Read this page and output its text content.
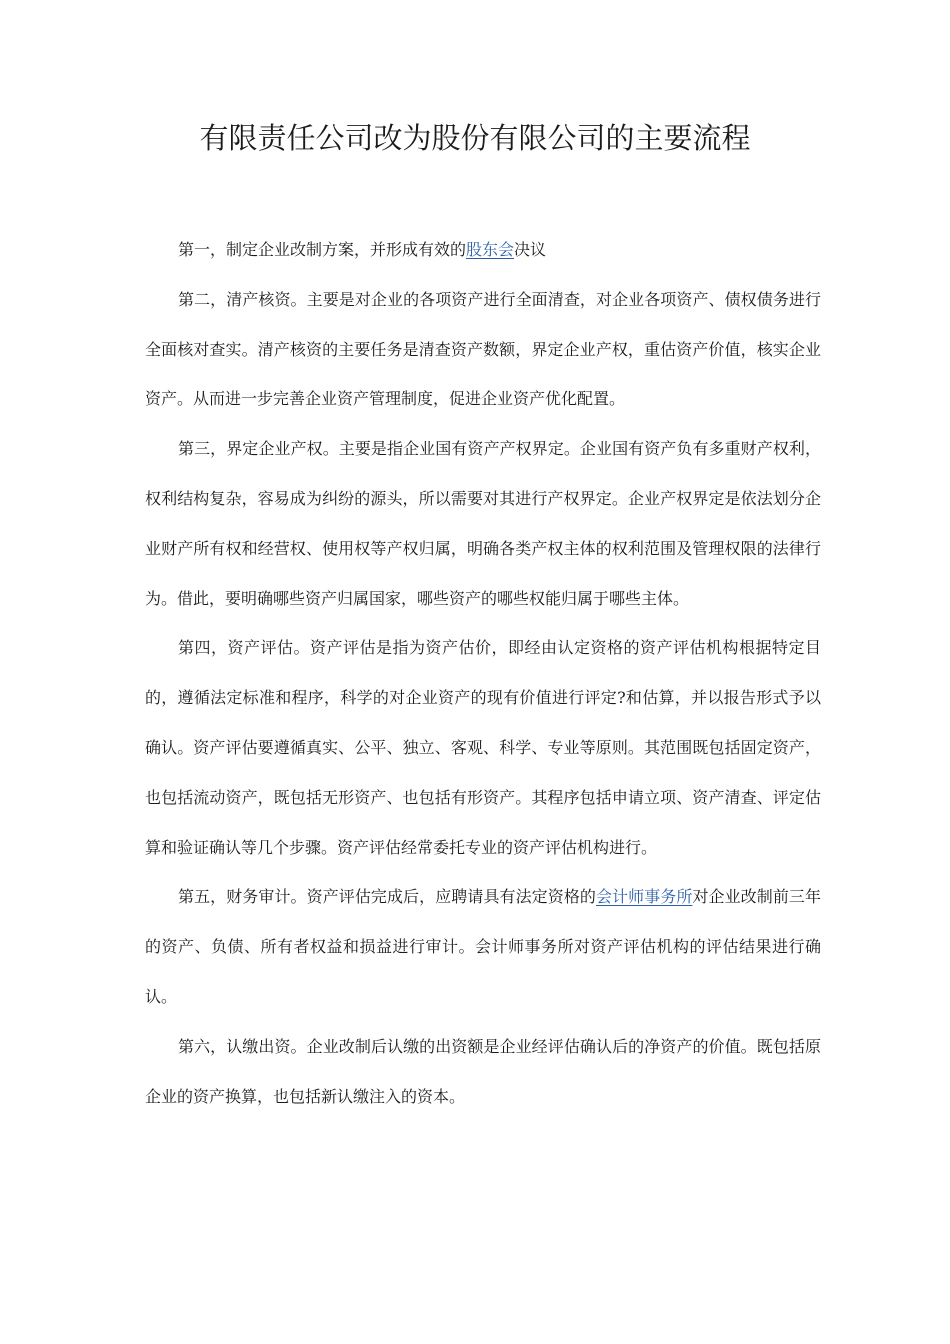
有限责任公司改为股份有限公司的主要流程

第一，制定企业改制方案，并形成有效的股东会决议

第二，清产核资。主要是对企业的各项资产进行全面清查，对企业各项资产、债权债务进行全面核对查实。清产核资的主要任务是清查资产数额，界定企业产权，重估资产价值，核实企业资产。从而进一步完善企业资产管理制度，促进企业资产优化配置。

第三，界定企业产权。主要是指企业国有资产产权界定。企业国有资产负有多重财产权利，权利结构复杂，容易成为纠纷的源头，所以需要对其进行产权界定。企业产权界定是依法划分企业财产所有权和经营权、使用权等产权归属，明确各类产权主体的权利范围及管理权限的法律行为。借此，要明确哪些资产归属国家，哪些资产的哪些权能归属于哪些主体。

第四，资产评估。资产评估是指为资产估价，即经由认定资格的资产评估机构根据特定目的，遵循法定标准和程序，科学的对企业资产的现有价值进行评定?和估算，并以报告形式予以确认。资产评估要遵循真实、公平、独立、客观、科学、专业等原则。其范围既包括固定资产，也包括流动资产，既包括无形资产、也包括有形资产。其程序包括申请立项、资产清查、评定估算和验证确认等几个步骤。资产评估经常委托专业的资产评估机构进行。

第五，财务审计。资产评估完成后，应聘请具有法定资格的会计师事务所对企业改制前三年的资产、负债、所有者权益和损益进行审计。会计师事务所对资产评估机构的评估结果进行确认。

第六，认缴出资。企业改制后认缴的出资额是企业经评估确认后的净资产的价值。既包括原企业的资产换算，也包括新认缴注入的资本。
